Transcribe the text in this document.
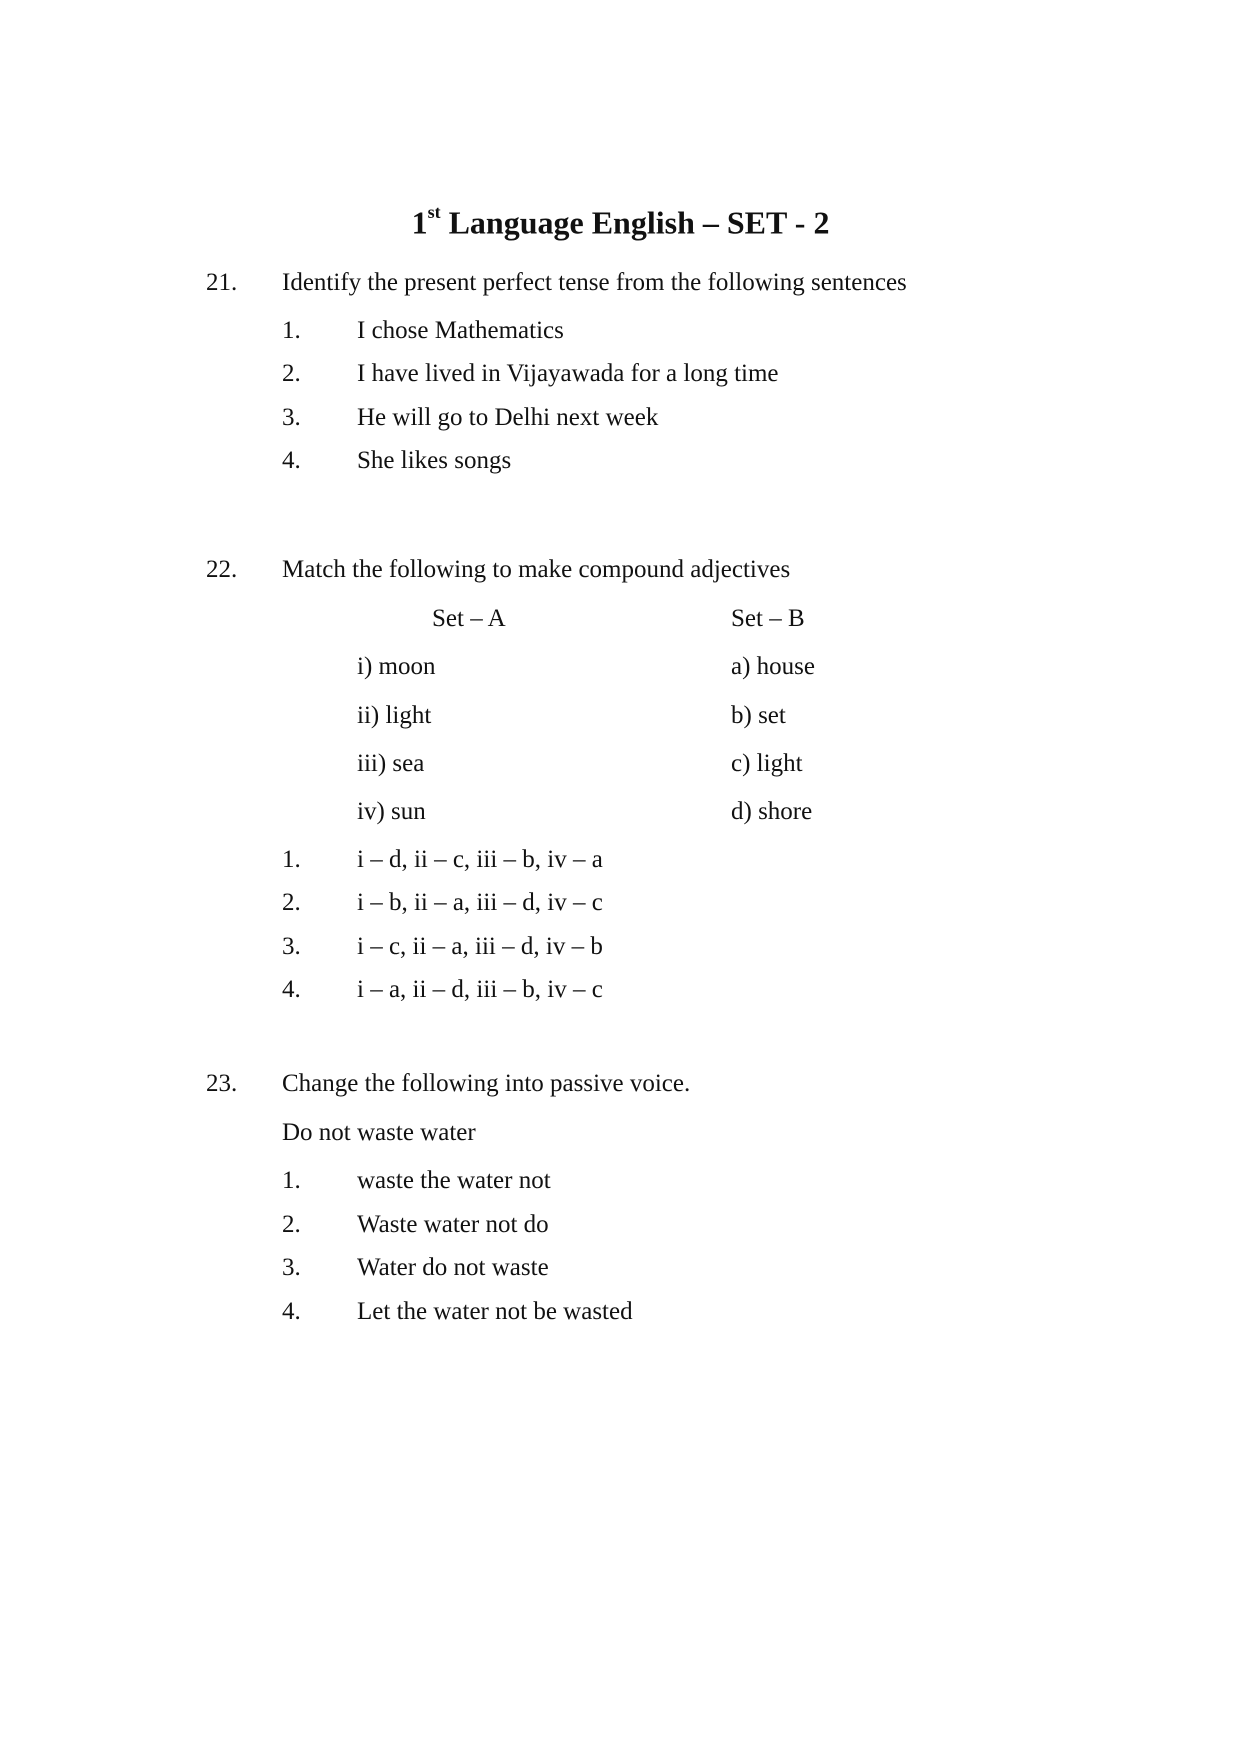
1st Language English – SET - 2
21. Identify the present perfect tense from the following sentences
1. I chose Mathematics
2. I have lived in Vijayawada for a long time
3. He will go to Delhi next week
4. She likes songs
22. Match the following to make compound adjectives
Set – A	Set – B
i) moon	a) house
ii) light	b) set
iii) sea	c) light
iv) sun	d) shore
1. i – d, ii – c, iii – b, iv – a
2. i – b, ii – a, iii – d, iv – c
3. i – c, ii – a, iii – d, iv – b
4. i – a, ii – d, iii – b, iv – c
23. Change the following into passive voice.
Do not waste water
1. waste the water not
2. Waste water not do
3. Water do not waste
4. Let the water not be wasted
